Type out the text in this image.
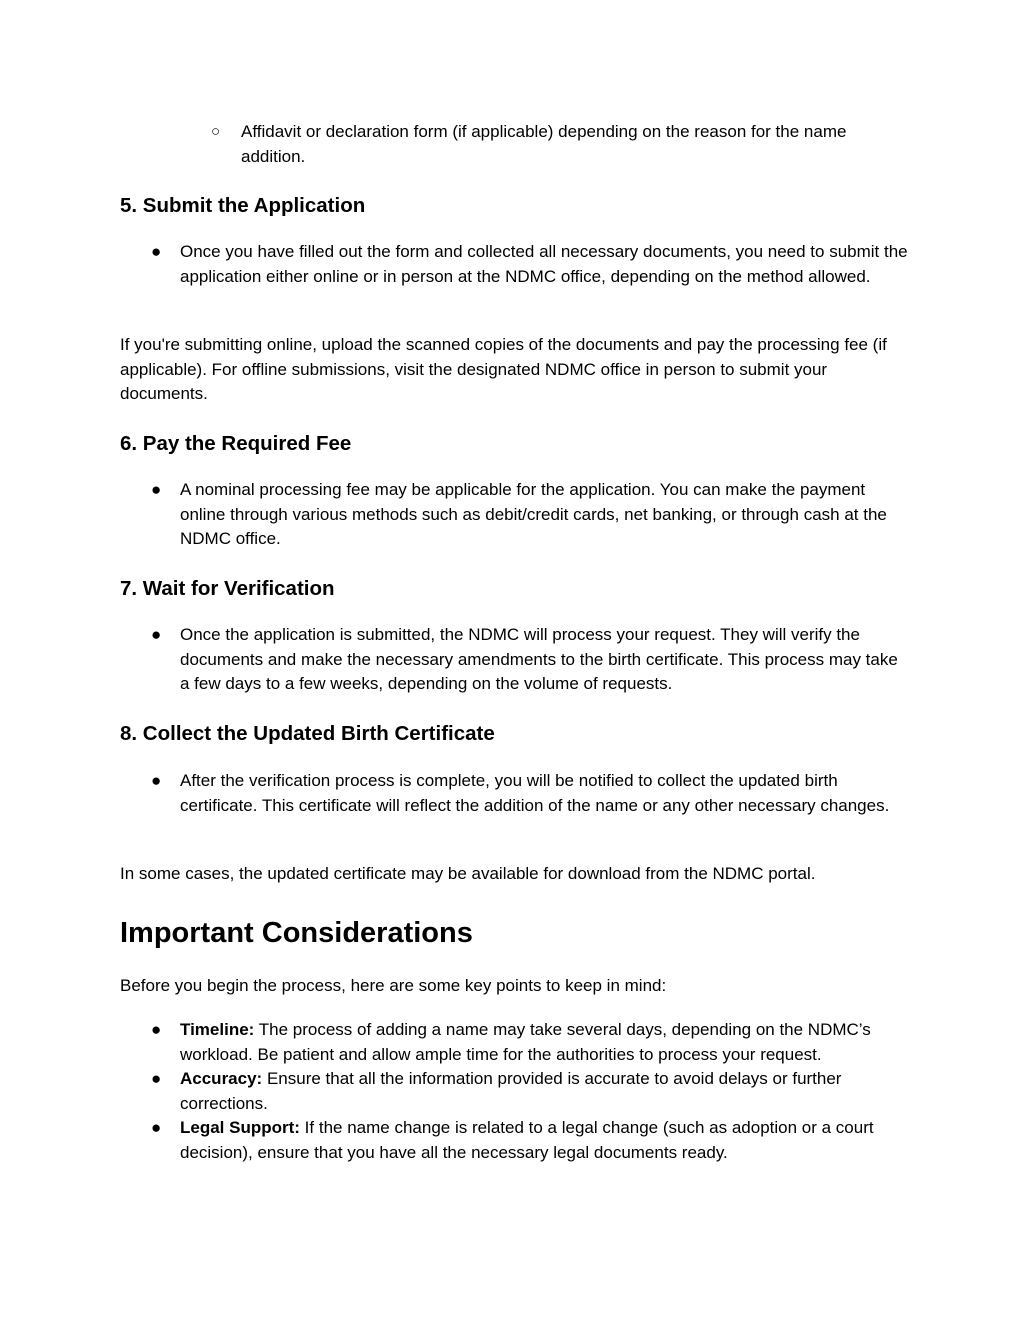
○ Affidavit or declaration form (if applicable) depending on the reason for the name addition.
5. Submit the Application
● Once you have filled out the form and collected all necessary documents, you need to submit the application either online or in person at the NDMC office, depending on the method allowed.

If you're submitting online, upload the scanned copies of the documents and pay the processing fee (if applicable). For offline submissions, visit the designated NDMC office in person to submit your documents.

6. Pay the Required Fee
● A nominal processing fee may be applicable for the application. You can make the payment online through various methods such as debit/credit cards, net banking, or through cash at the NDMC office.
7. Wait for Verification
● Once the application is submitted, the NDMC will process your request. They will verify the documents and make the necessary amendments to the birth certificate. This process may take a few days to a few weeks, depending on the volume of requests.
8. Collect the Updated Birth Certificate
● After the verification process is complete, you will be notified to collect the updated birth certificate. This certificate will reflect the addition of the name or any other necessary changes.

In some cases, the updated certificate may be available for download from the NDMC portal.

Important Considerations

Before you begin the process, here are some key points to keep in mind:

● Timeline: The process of adding a name may take several days, depending on the NDMC’s workload. Be patient and allow ample time for the authorities to process your request.
● Accuracy: Ensure that all the information provided is accurate to avoid delays or further corrections.
● Legal Support: If the name change is related to a legal change (such as adoption or a court decision), ensure that you have all the necessary legal documents ready.
